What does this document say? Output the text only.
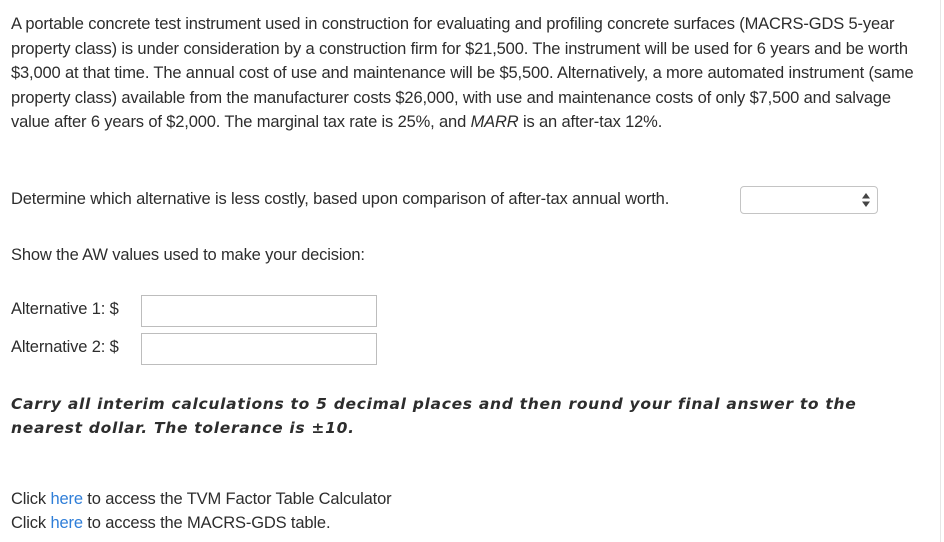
A portable concrete test instrument used in construction for evaluating and profiling concrete surfaces (MACRS-GDS 5-year property class) is under consideration by a construction firm for $21,500. The instrument will be used for 6 years and be worth $3,000 at that time. The annual cost of use and maintenance will be $5,500. Alternatively, a more automated instrument (same property class) available from the manufacturer costs $26,000, with use and maintenance costs of only $7,500 and salvage value after 6 years of $2,000. The marginal tax rate is 25%, and MARR is an after-tax 12%.

Determine which alternative is less costly, based upon comparison of after-tax annual worth.
Show the AW values used to make your decision:
Alternative 1: $
Alternative 2: $
Carry all interim calculations to 5 decimal places and then round your final answer to the nearest dollar. The tolerance is ±10.
Click here to access the TVM Factor Table Calculator
Click here to access the MACRS-GDS table.
